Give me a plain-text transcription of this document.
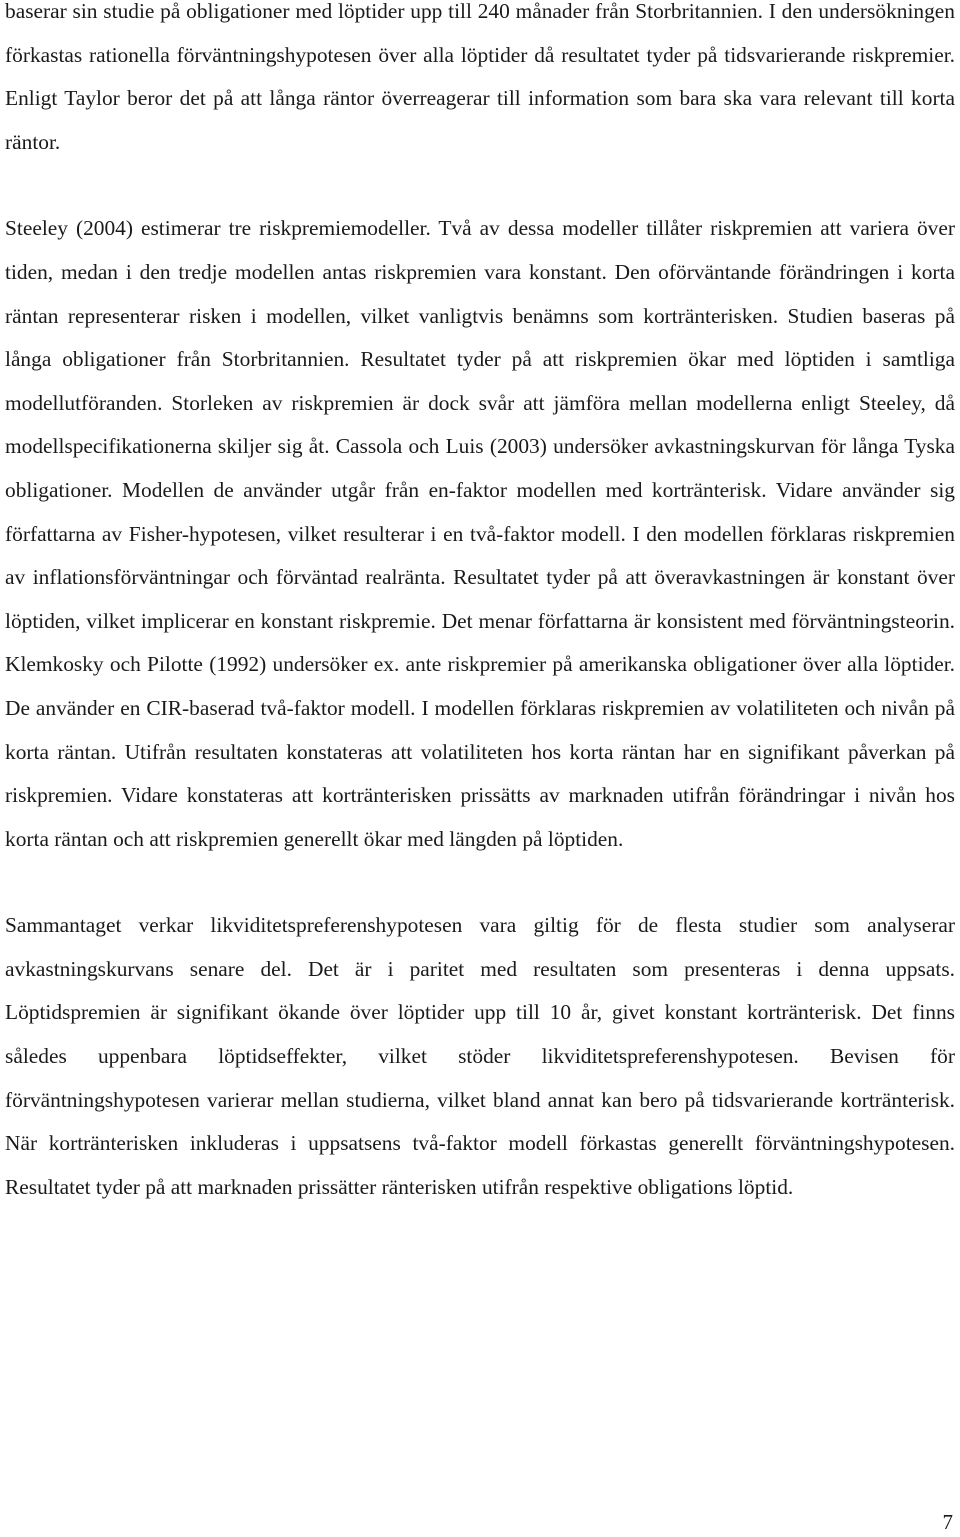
baserar sin studie på obligationer med löptider upp till 240 månader från Storbritannien. I den undersökningen förkastas rationella förväntningshypotesen över alla löptider då resultatet tyder på tidsvarierande riskpremier. Enligt Taylor beror det på att långa räntor överreagerar till information som bara ska vara relevant till korta räntor.

Steeley (2004) estimerar tre riskpremiemodeller. Två av dessa modeller tillåter riskpremien att variera över tiden, medan i den tredje modellen antas riskpremien vara konstant. Den oförväntande förändringen i korta räntan representerar risken i modellen, vilket vanligtvis benämns som kortränterisken. Studien baseras på långa obligationer från Storbritannien. Resultatet tyder på att riskpremien ökar med löptiden i samtliga modellutföranden. Storleken av riskpremien är dock svår att jämföra mellan modellerna enligt Steeley, då modellspecifikationerna skiljer sig åt. Cassola och Luis (2003) undersöker avkastningskurvan för långa Tyska obligationer. Modellen de använder utgår från en-faktor modellen med kortränterisk. Vidare använder sig författarna av Fisher-hypotesen, vilket resulterar i en två-faktor modell. I den modellen förklaras riskpremien av inflationsförväntningar och förväntad realränta. Resultatet tyder på att överavkastningen är konstant över löptiden, vilket implicerar en konstant riskpremie. Det menar författarna är konsistent med förväntningsteorin. Klemkosky och Pilotte (1992) undersöker ex. ante riskpremier på amerikanska obligationer över alla löptider. De använder en CIR-baserad två-faktor modell. I modellen förklaras riskpremien av volatiliteten och nivån på korta räntan. Utifrån resultaten konstateras att volatiliteten hos korta räntan har en signifikant påverkan på riskpremien. Vidare konstateras att kortränterisken prissätts av marknaden utifrån förändringar i nivån hos korta räntan och att riskpremien generellt ökar med längden på löptiden.

Sammantaget verkar likviditetspreferenshypotesen vara giltig för de flesta studier som analyserar avkastningskurvans senare del. Det är i paritet med resultaten som presenteras i denna uppsats. Löptidspremien är signifikant ökande över löptider upp till 10 år, givet konstant kortränterisk. Det finns således uppenbara löptidseffekter, vilket stöder likviditetspreferenshypotesen. Bevisen för förväntningshypotesen varierar mellan studierna, vilket bland annat kan bero på tidsvarierande kortränterisk. När kortränterisken inkluderas i uppsatsens två-faktor modell förkastas generellt förväntningshypotesen. Resultatet tyder på att marknaden prissätter ränterisken utifrån respektive obligations löptid.

7
